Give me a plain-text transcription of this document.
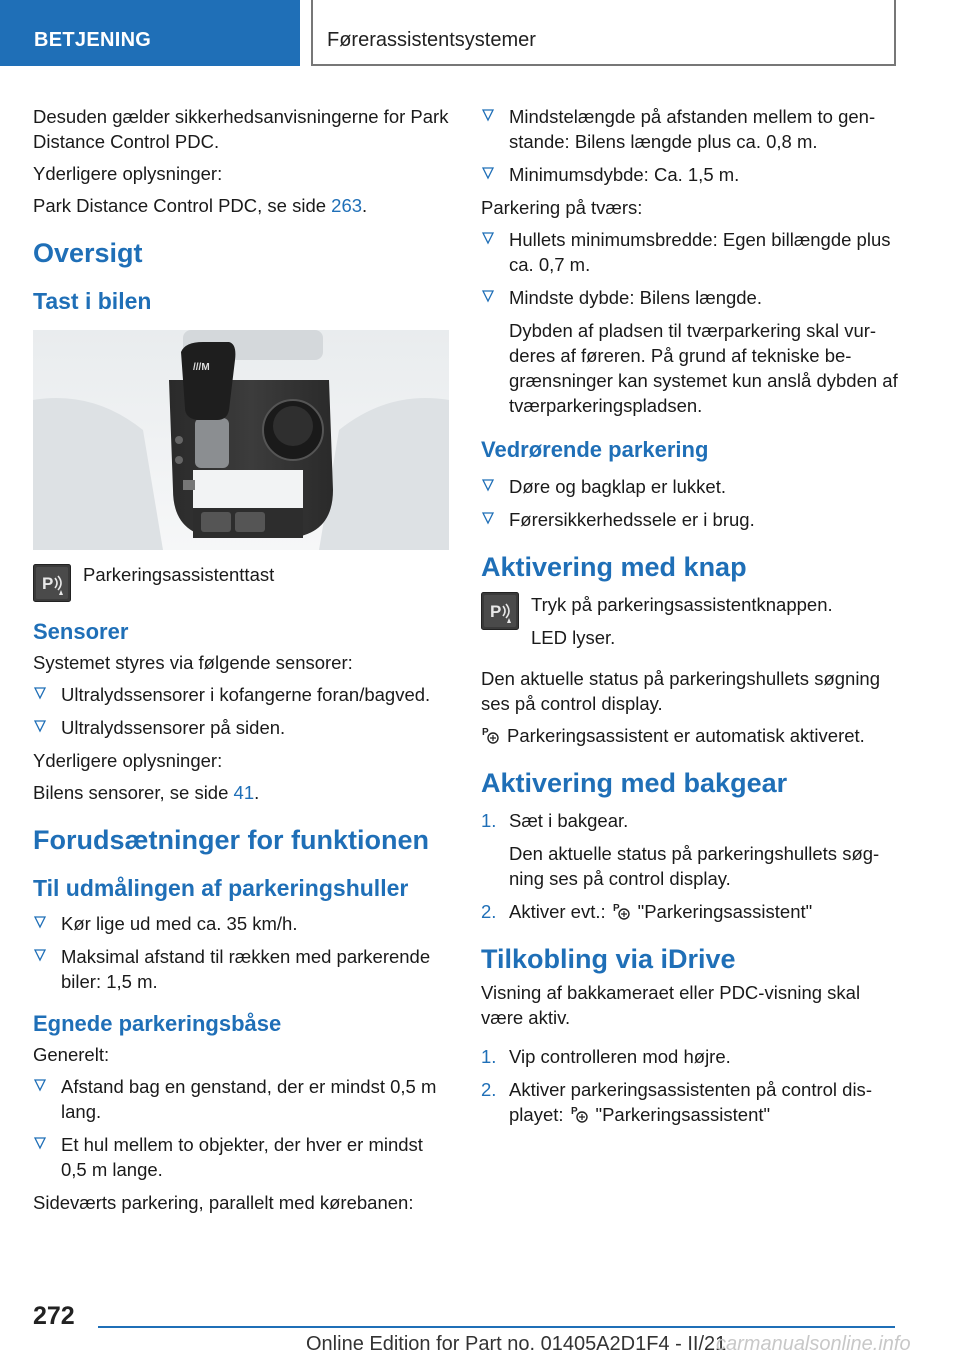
BETJENING	Førerassistentsystemer

Desuden gælder sikkerhedsanvisningerne for Park Distance Control PDC.

Yderligere oplysninger:

Park Distance Control PDC, se side 263.

Oversigt
Tast i bilen
///M

Parkeringsassistenttast

Sensorer

Systemet styres via følgende sensorer:

Ultralydssensorer i kofangerne foran/bagved.
Ultralydssensorer på siden.

Yderligere oplysninger:

Bilens sensorer, se side 41.

Forudsætninger for funktionen
Til udmålingen af parkeringshuller
Kør lige ud med ca. 35 km/h.
Maksimal afstand til rækken med parkerende biler: 1,5 m.
Egnede parkeringsbåse

Generelt:

Afstand bag en genstand, der er mindst 0,5 m lang.
Et hul mellem to objekter, der hver er mindst 0,5 m lange.

Sideværts parkering, parallelt med kørebanen:

Mindstelængde på afstanden mellem to genstande: Bilens længde plus ca. 0,8 m.
Minimumsdybde: Ca. 1,5 m.

Parkering på tværs:

Hullets minimumsbredde: Egen billængde plus ca. 0,7 m.
Mindste dybde: Bilens længde.
Dybden af pladsen til tværparkering skal vurderes af føreren. På grund af tekniske begrænsninger kan systemet kun anslå dybden af tværparkeringspladsen.
Vedrørende parkering
Døre og bagklap er lukket.
Førersikkerhedssele er i brug.
Aktivering med knap

Tryk på parkeringsassistentknappen.

LED lyser.

Den aktuelle status på parkeringshullets søgning ses på control display.

Parkeringsassistent er automatisk aktiveret.

Aktivering med bakgear
1. Sæt i bakgear.
Den aktuelle status på parkeringshullets søgning ses på control display.
2. Aktiver evt.: "Parkeringsassistent"
Tilkobling via iDrive

Visning af bakkameraet eller PDC-visning skal være aktiv.

1. Vip controlleren mod højre.
2. Aktiver parkeringsassistenten på control displayet: "Parkeringsassistent"
272
Online Edition for Part no. 01405A2D1F4 - II/21
carmanualsonline.info
